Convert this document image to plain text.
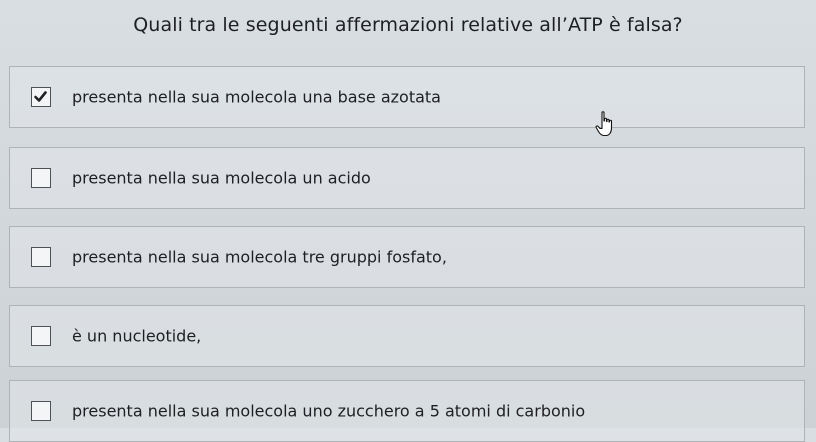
Quali tra le seguenti affermazioni relative all’ATP è falsa?
presenta nella sua molecola una base azotata
presenta nella sua molecola un acido
presenta nella sua molecola tre gruppi fosfato,
è un nucleotide,
presenta nella sua molecola uno zucchero a 5 atomi di carbonio
